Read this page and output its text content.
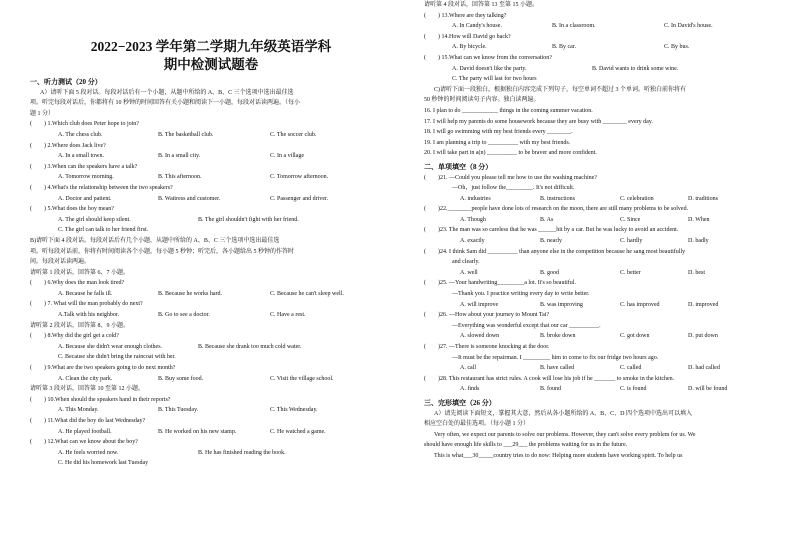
2022−2023 学年第二学期九年级英语学科
期中检测试题卷
一、听力测试（20 分）
A）请听下面 5 段对话。每段对话后有一个小题，从题中所给的 A、B、C 三个选项中选出最佳选
项。听完每段对话后，你都将有 10 秒钟的时间回答有关小题和阅读下一小题，每段对话读两遍。（每小
题 1 分）
(　　) 1.Which club does Peter hope to join?
A. The chess club.	B. The basketball club.	C. The soccer club.
(　　) 2.Where does Jack live?
A. In a small town.	B. In a small city.	C. In a village
(　　) 3.When can the speakers have a talk?
A. Tomorrow morning.	B. This afternoon.	C. Tomorrow afternoon.
(　　) 4.What's the relationship between the two speakers?
A. Doctor and patient.	B. Waitress and customer.	C. Passenger and driver.
(　　) 5.What does the boy mean?
A. The girl should keep silent.	B. The girl shouldn't fight with her friend.
C. The girl can talk to her friend first.
B)请听下面 4 段对话。每段对话后有几个小题，从题中所给的 A、B、C 三个选项中选出最佳选
项。听每段对话前，你将有时间阅读各个小题，每小题 5 秒钟；听完后，各小题给出 5 秒钟的作答时
间。每段对话读两遍。
请听第 1 段对话，回答第 6、7 小题。
(　　) 6.Why does the man look tired?
A. Because he falls ill.	B. Because he works hard.	C. Because he can't sleep well.
(　　) 7. What will the man probably do next?
A.Talk with his neighbor.	B. Go to see a doctor.	C. Have a rest.
请听第 2 段对话，回答第 8、9 小题。
(　　) 8.Why did the girl get a cold?
A. Because she didn't wear enough clothes.	B. Because she drank too much cold water.
C. Because she didn't bring the raincoat with her.
(　　) 9.What are the two speakers going to do next month?
A. Clean the city park.	B. Buy some food.	C. Visit the village school.
请听第 3 段对话，回答第 10 至第 12 小题。
(　　) 10.When should the speakers hand in their reports?
A. This Monday.	B. This Tuesday.	C. This Wednesday.
(　　) 11.What did the boy do last Wednesday?
A. He played football.	B. He worked on his new stamp.	C. He watched a game.
(　　) 12.What can we know about the boy?
A. He feels worried now.	B. He has finished reading the book.
C. He did his homework last Tuesday
请听第 4 段对话，回答第 13 至第 15 小题。
(　　) 13.Where are they talking?
A. In Candy's house.	B. In a classroom.	C. In David's house.
(　　) 14.How will David go back?
A. By bicycle.	B. By car.	C. By bus.
(　　) 15.What can we know from the conversation?
A. David doesn't like the party.	B. David wants to drink some wine.
C. The party will last for two hours
C)请听下面一段独白，根据独白内容完成下列句子，每空单词不超过 3 个单词。听独白前你将有
50 秒钟的时间阅读句子内容。独白读两遍。
16. I plan to do ____________ things in the coming summer vacation.
17. I will help my parents do some housework because they are busy with ________ every day.
18. I will go swimming with my best friends every ________.
19. I am planning a trip to __________ with my best friends.
20. I will take part in a(n) __________ to be braver and more confident.
二、单项填空（8 分）
(　　)21. —Could you please tell me how to use the washing machine?
—Oh，just follow the_________. It's not difficult.
A. industries	B. instructions	C. celebration	D. traditions
(　　)22.________people have done lots of research on the moon, there are still many problems to be solved.
A. Though	B. As	C. Since	D. When
(　　)23. The man was so careless that he was ______hit by a car. But he was lucky to avoid an accident.
A. exactly	B. nearly	C. hardly	D. badly
(　　)24. I think Sam did __________ than anyone else in the competition because he sang most beautifully
and clearly.
A. well	B. good	C. better	D. best
(　　)25. —Your handwriting_________a lot. It's so beautiful.
—Thank you. I practice writing every day to write better.
A. will improve	B. was improving	C. has improved	D. improved
(　　)26. —How about your journey to Mount Tai?
—Everything was wonderful except that our car __________.
A. slowed down	B. broke down	C. got down	D. put down
(　　)27. —There is someone knocking at the door.
—It must be the repairman. I _________ him to come to fix our fridge two hours ago.
A. call	B. have called	C. called	D. had called
(　　)28. This restaurant has strict rules. A cook will lose his job if he _______ to smoke in the kitchen.
A. finds	B. found	C. is found	D. will be found
三、完形填空（26 分）
A）请先阅读下面短文，掌握其大意，然后从各小题所给的 A、B、C、D 四个选项中选出可以填入
相应空白处的最佳选项。（每小题 1 分）
Very often, we expect our parents to solve our problems. However, they can't solve every problem for us. We
should have enough life skills to ___29___ the problems waiting for us in the future.
This is what___30_____country tries to do now: Helping more students have working spirit. To help us
